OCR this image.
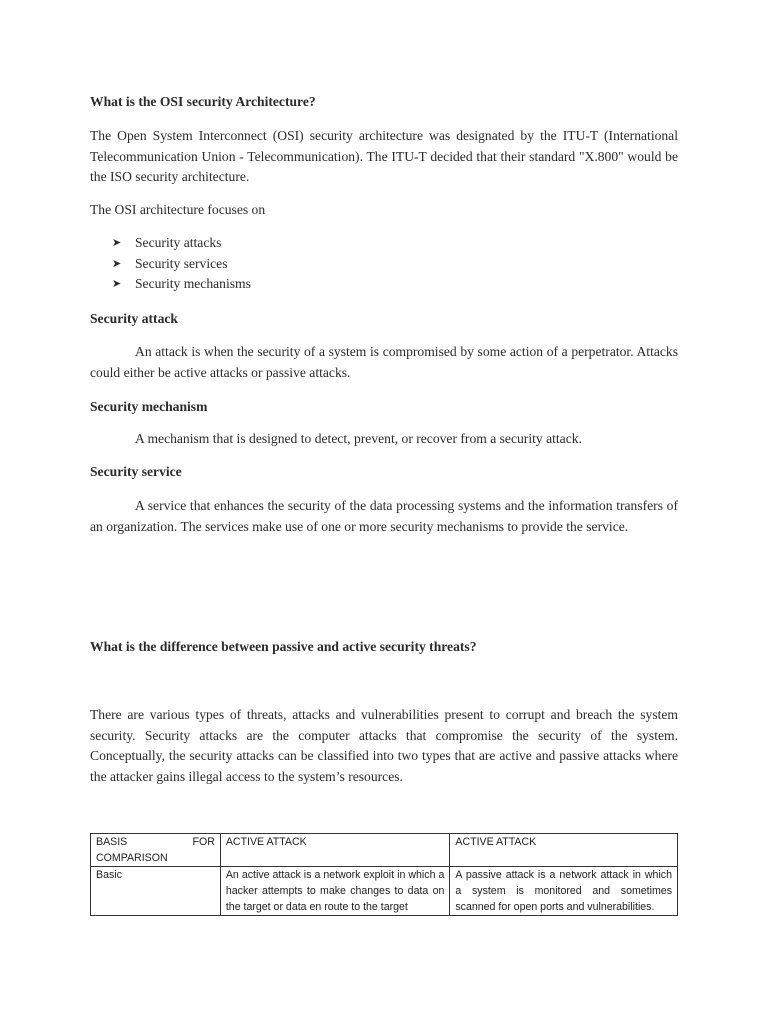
What is the OSI security Architecture?

The Open System Interconnect (OSI) security architecture was designated by the ITU-T (International Telecommunication Union - Telecommunication). The ITU-T decided that their standard "X.800" would be the ISO security architecture.

The OSI architecture focuses on

➤	Security attacks
➤	Security services
➤	Security mechanisms
Security attack

An attack is when the security of a system is compromised by some action of a perpetrator. Attacks could either be active attacks or passive attacks.

Security mechanism

A mechanism that is designed to detect, prevent, or recover from a security attack.

Security service

A service that enhances the security of the data processing systems and the information transfers of an organization. The services make use of one or more security mechanisms to provide the service.

What is the difference between passive and active security threats?

There are various types of threats, attacks and vulnerabilities present to corrupt and breach the system security. Security attacks are the computer attacks that compromise the security of the system. Conceptually, the security attacks can be classified into two types that are active and passive attacks where the attacker gains illegal access to the system’s resources.

BASIS FOR
COMPARISON	ACTIVE ATTACK	ACTIVE ATTACK
Basic	An active attack is a network exploit in which a hacker attempts to make changes to data on the target or data en route to the target	A passive attack is a network attack in which a system is monitored and sometimes scanned for open ports and vulnerabilities.
